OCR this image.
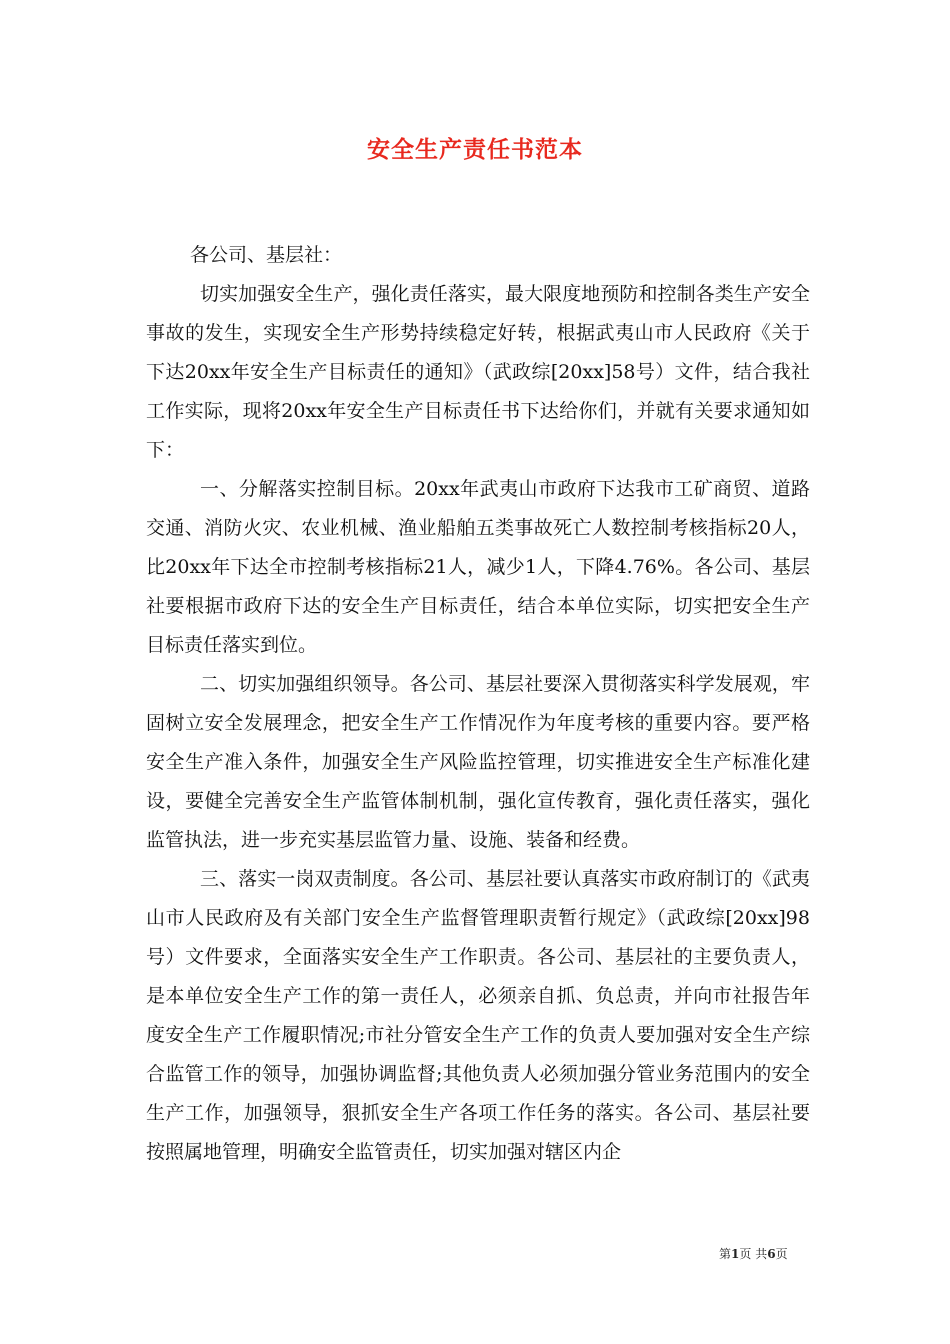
安全生产责任书范本

各公司、基层社：

切实加强安全生产，强化责任落实，最大限度地预防和控制各类生产安全事故的发生，实现安全生产形势持续稳定好转，根据武夷山市人民政府《关于下达20xx年安全生产目标责任的通知》（武政综[20xx]58号）文件，结合我社工作实际，现将20xx年安全生产目标责任书下达给你们，并就有关要求通知如下：

一、分解落实控制目标。20xx年武夷山市政府下达我市工矿商贸、道路交通、消防火灾、农业机械、渔业船舶五类事故死亡人数控制考核指标20人，比20xx年下达全市控制考核指标21人，减少1人，下降4.76%。各公司、基层社要根据市政府下达的安全生产目标责任，结合本单位实际，切实把安全生产目标责任落实到位。

二、切实加强组织领导。各公司、基层社要深入贯彻落实科学发展观，牢固树立安全发展理念，把安全生产工作情况作为年度考核的重要内容。要严格安全生产准入条件，加强安全生产风险监控管理，切实推进安全生产标准化建设，要健全完善安全生产监管体制机制，强化宣传教育，强化责任落实，强化监管执法，进一步充实基层监管力量、设施、装备和经费。

三、落实一岗双责制度。各公司、基层社要认真落实市政府制订的《武夷山市人民政府及有关部门安全生产监督管理职责暂行规定》（武政综[20xx]98号）文件要求，全面落实安全生产工作职责。各公司、基层社的主要负责人，是本单位安全生产工作的第一责任人，必须亲自抓、负总责，并向市社报告年度安全生产工作履职情况;市社分管安全生产工作的负责人要加强对安全生产综合监管工作的领导，加强协调监督;其他负责人必须加强分管业务范围内的安全生产工作，加强领导，狠抓安全生产各项工作任务的落实。各公司、基层社要按照属地管理，明确安全监管责任，切实加强对辖区内企

第1页 共6页
